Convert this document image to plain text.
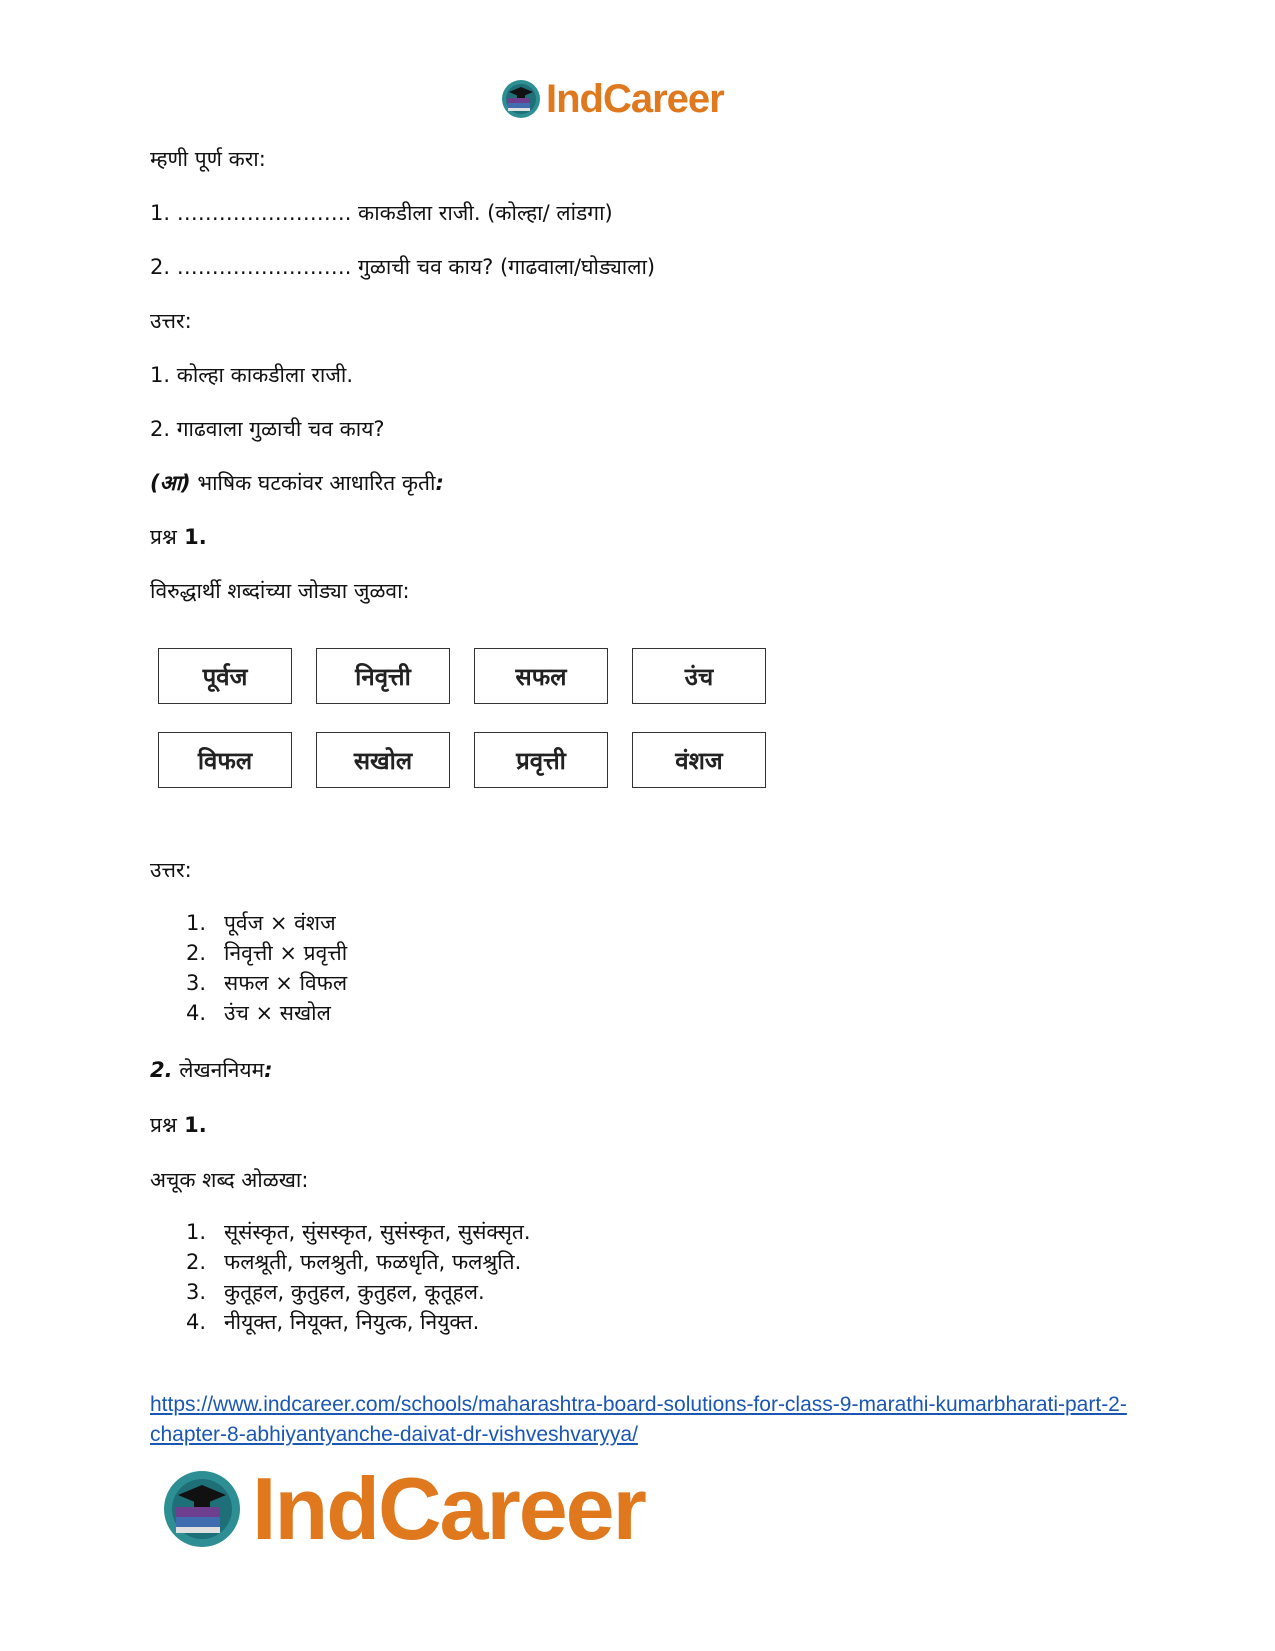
IndCareer
म्हणी पूर्ण करा:
1. ……………………. काकडीला राजी. (कोल्हा/ लांडगा)
2. ……………………. गुळाची चव काय? (गाढवाला/घोड्याला)
उत्तर:
1. कोल्हा काकडीला राजी.
2. गाढवाला गुळाची चव काय?
(आ) भाषिक घटकांवर आधारित कृती:
प्रश्न 1.
विरुद्धार्थी शब्दांच्या जोड्या जुळवा:
पूर्वज	निवृत्ती	सफल	उंच
विफल	सखोल	प्रवृत्ती	वंशज
उत्तर:
1. पूर्वज × वंशज
2. निवृत्ती × प्रवृत्ती
3. सफल × विफल
4. उंच × सखोल
2. लेखननियम:
प्रश्न 1.
अचूक शब्द ओळखा:
1. सूसंस्कृत, सुंसस्कृत, सुसंस्कृत, सुसंक्सृत.
2. फलश्रूती, फलश्रुती, फळधृति, फलश्रुति.
3. कुतूहल, कुतुहल, कुतुहल, कूतूहल.
4. नीयूक्त, नियूक्त, नियुत्क, नियुक्त.
https://www.indcareer.com/schools/maharashtra-board-solutions-for-class-9-marathi-kumarbharati-part-2-chapter-8-abhiyantyanche-daivat-dr-vishveshvaryya/
IndCareer
